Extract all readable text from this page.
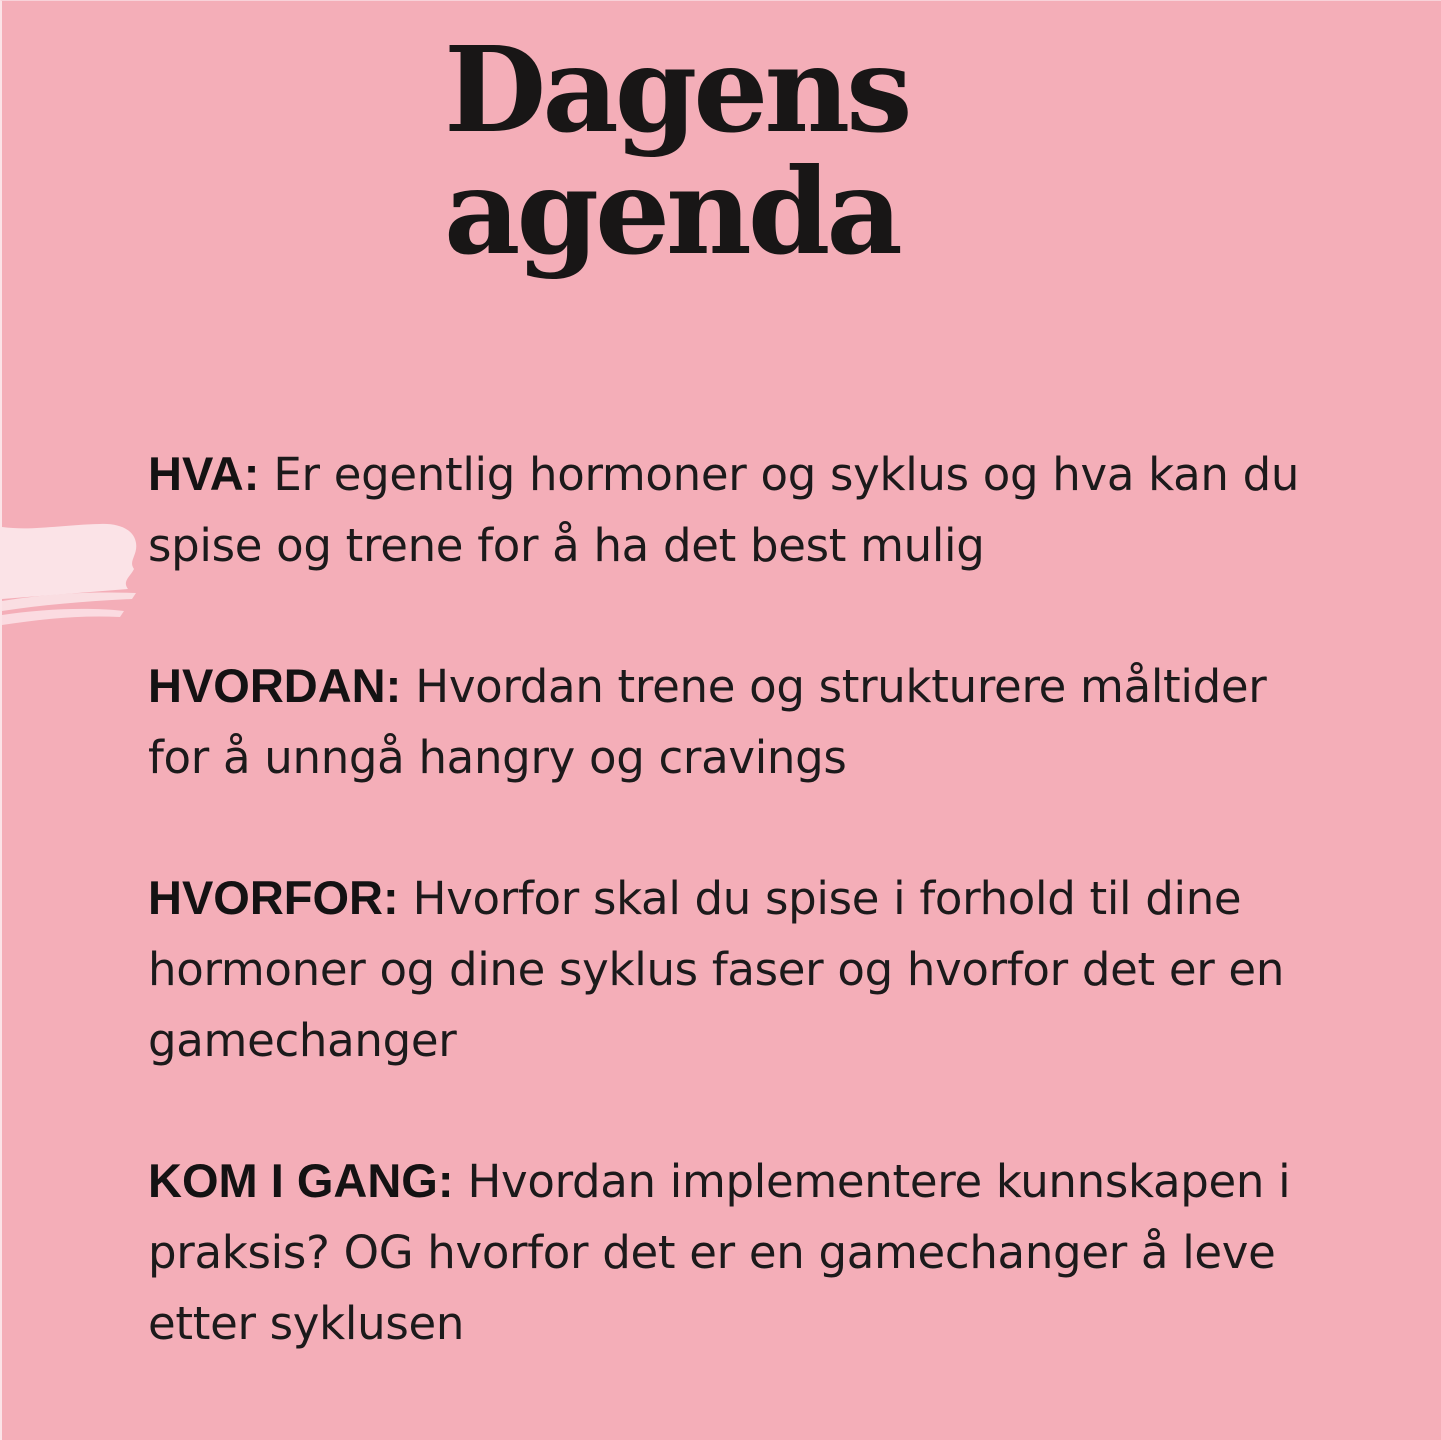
Dagens
agenda

HVA: Er egentlig hormoner og syklus og hva kan du spise og trene for å ha det best mulig

HVORDAN: Hvordan trene og strukturere måltider for å unngå hangry og cravings

HVORFOR: Hvorfor skal du spise i forhold til dine hormoner og dine syklus faser og hvorfor det er en gamechanger

KOM I GANG: Hvordan implementere kunnskapen i praksis? OG hvorfor det er en gamechanger å leve etter syklusen
